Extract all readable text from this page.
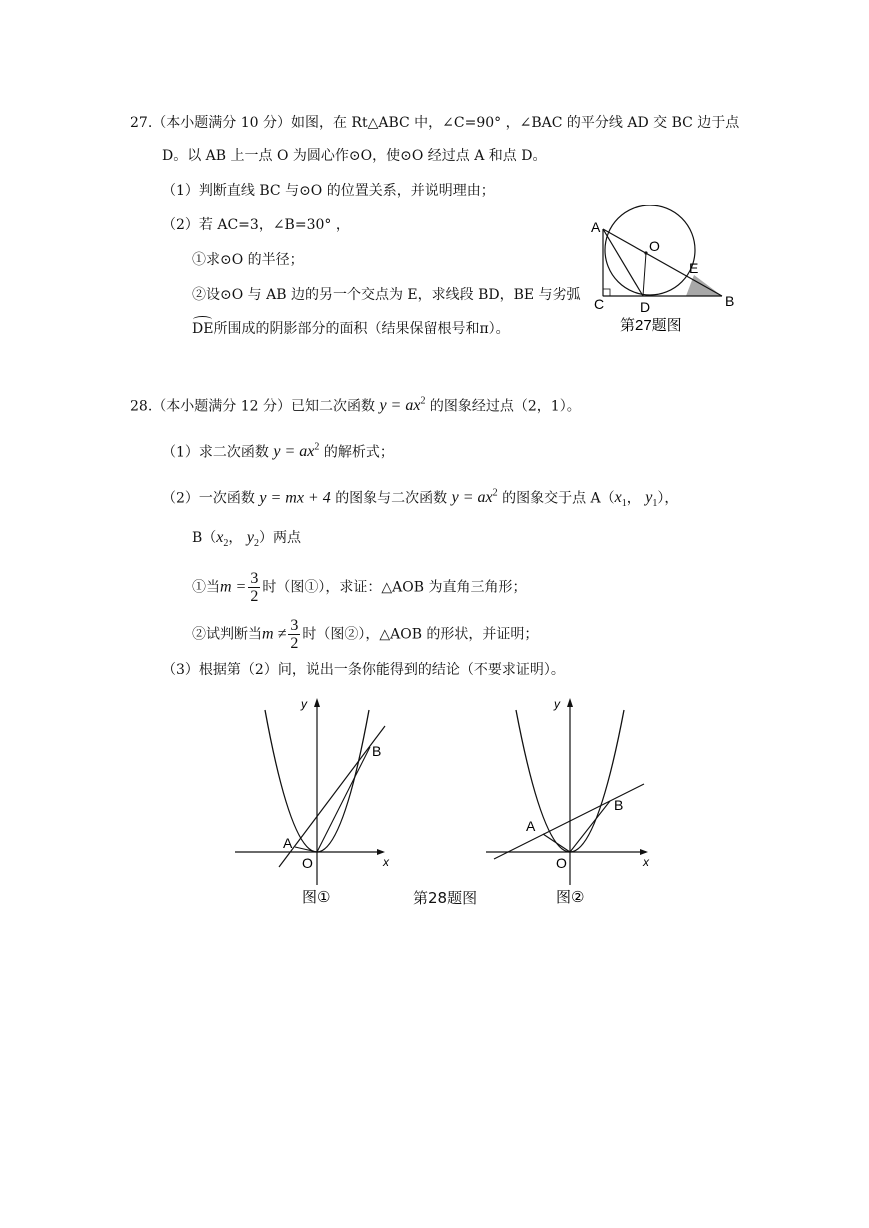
27.（本小题满分 10 分）如图，在 Rt△ABC 中，∠C=90° ，∠BAC 的平分线 AD 交 BC 边于点
D。以 AB 上一点 O 为圆心作⊙O，使⊙O 经过点 A 和点 D。
（1）判断直线 BC 与⊙O 的位置关系，并说明理由；
（2）若 AC=3，∠B=30° ，
①求⊙O 的半径；
②设⊙O 与 AB 边的另一个交点为 E，求线段 BD，BE 与劣弧
DE所围成的阴影部分的面积（结果保留根号和π）。
A
O
E
C	D	B
第27题图
28.（本小题满分 12 分）已知二次函数 $y = ax^2$ 的图象经过点（2，1）。
（1）求二次函数 $y = ax^2$ 的解析式；
（2）一次函数 y = mx + 4 的图象与二次函数 $y = ax^2$ 的图象交于点 $A(x_1$， $y_1$），
$B(x_2$， $y_2$）两点
①当$m = \frac{3}{2}$ 时（图①），求证：△AOB 为直角三角形；
②试判断当$m \ne \frac{3}{2}$ 时（图②），△AOB 的形状，并证明；
（3）根据第（2）问，说出一条你能得到的结论（不要求证明）。
y
x
A
O
B
图①	第28题图
y
x
A
O
B
图②
